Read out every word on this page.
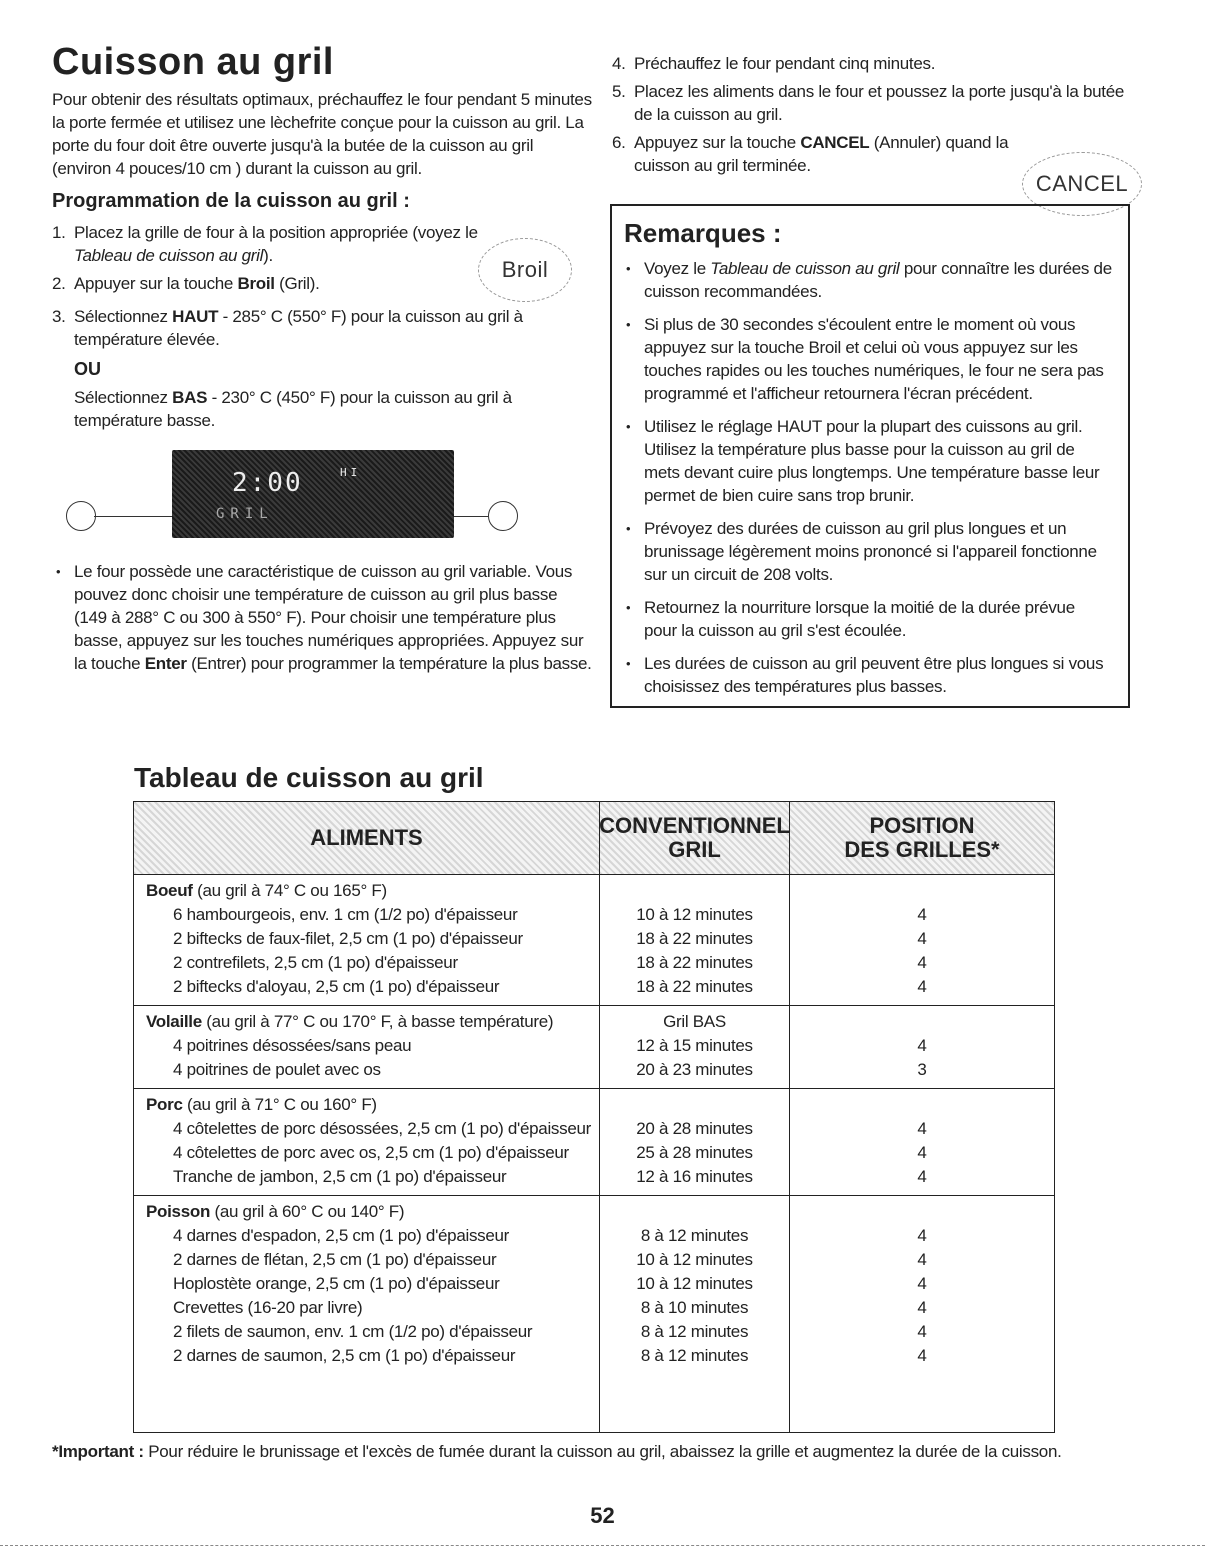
Cuisson au gril

Pour obtenir des résultats optimaux, préchauffez le four pendant 5 minutes la porte fermée et utilisez une lèchefrite conçue pour la cuisson au gril. La porte du four doit être ouverte jusqu'à la butée de la cuisson au gril (environ 4 pouces/10 cm ) durant la cuisson au gril.

Programmation de la cuisson au gril :
1. Placez la grille de four à la position appropriée (voyez le Tableau de cuisson au gril).
2. Appuyer sur la touche Broil (Gril).
3. Sélectionnez HAUT - 285° C (550° F) pour la cuisson au gril à température élevée.
OU
Sélectionnez BAS - 230° C (450° F) pour la cuisson au gril à température basse.
2:00	HI
GRIL
• Le four possède une caractéristique de cuisson au gril variable. Vous pouvez donc choisir une température de cuisson au gril plus basse (149 à 288° C ou 300 à 550° F). Pour choisir une température plus basse, appuyez sur les touches numériques appropriées. Appuyez sur la touche Enter (Entrer) pour programmer la température la plus basse.
Broil
4. Préchauffez le four pendant cinq minutes.
5. Placez les aliments dans le four et poussez la porte jusqu'à la butée de la cuisson au gril.
6. Appuyez sur la touche CANCEL (Annuler) quand la cuisson au gril terminée.
CANCEL
Remarques :
• Voyez le Tableau de cuisson au gril pour connaître les durées de cuisson recommandées.
• Si plus de 30 secondes s'écoulent entre le moment où vous appuyez sur la touche Broil et celui où vous appuyez sur les touches rapides ou les touches numériques, le four ne sera pas programmé et l'afficheur retournera l'écran précédent.
• Utilisez le réglage HAUT pour la plupart des cuissons au gril. Utilisez la température plus basse pour la cuisson au gril de mets devant cuire plus longtemps. Une température basse leur permet de bien cuire sans trop brunir.
• Prévoyez des durées de cuisson au gril plus longues et un brunissage légèrement moins prononcé si l'appareil fonctionne sur un circuit de 208 volts.
• Retournez la nourriture lorsque la moitié de la durée prévue pour la cuisson au gril s'est écoulée.
• Les durées de cuisson au gril peuvent être plus longues si vous choisissez des températures plus basses.
Tableau de cuisson au gril
ALIMENTS	CONVENTIONNEL
GRIL
POSITION
DES GRILLES*
Boeuf (au gril à 74° C ou 165° F)
6 hambourgeois, env. 1 cm (1/2 po) d'épaisseur
2 biftecks de faux-filet, 2,5 cm (1 po) d'épaisseur
2 contrefilets, 2,5 cm (1 po) d'épaisseur
2 biftecks d'aloyau, 2,5 cm (1 po) d'épaisseur

10 à 12 minutes
18 à 22 minutes
18 à 22 minutes
18 à 22 minutes

4
4
4
4
Volaille (au gril à 77° C ou 170° F, à basse température)
4 poitrines désossées/sans peau
4 poitrines de poulet avec os
Gril BAS
12 à 15 minutes
20 à 23 minutes

4
3
Porc (au gril à 71° C ou 160° F)
4 côtelettes de porc désossées, 2,5 cm (1 po) d'épaisseur
4 côtelettes de porc avec os, 2,5 cm (1 po) d'épaisseur
Tranche de jambon, 2,5 cm (1 po) d'épaisseur

20 à 28 minutes
25 à 28 minutes
12 à 16 minutes

4
4
4
Poisson (au gril à 60° C ou 140° F)
4 darnes d'espadon, 2,5 cm (1 po) d'épaisseur
2 darnes de flétan, 2,5 cm (1 po) d'épaisseur
Hoplostète orange, 2,5 cm (1 po) d'épaisseur
Crevettes (16-20 par livre)
2 filets de saumon, env. 1 cm (1/2 po) d'épaisseur
2 darnes de saumon, 2,5 cm (1 po) d'épaisseur

8 à 12 minutes
10 à 12 minutes
10 à 12 minutes
8 à 10 minutes
8 à 12 minutes
8 à 12 minutes

4
4
4
4
4
4
*Important : Pour réduire le brunissage et l'excès de fumée durant la cuisson au gril, abaissez la grille et augmentez la durée de la cuisson.
52
